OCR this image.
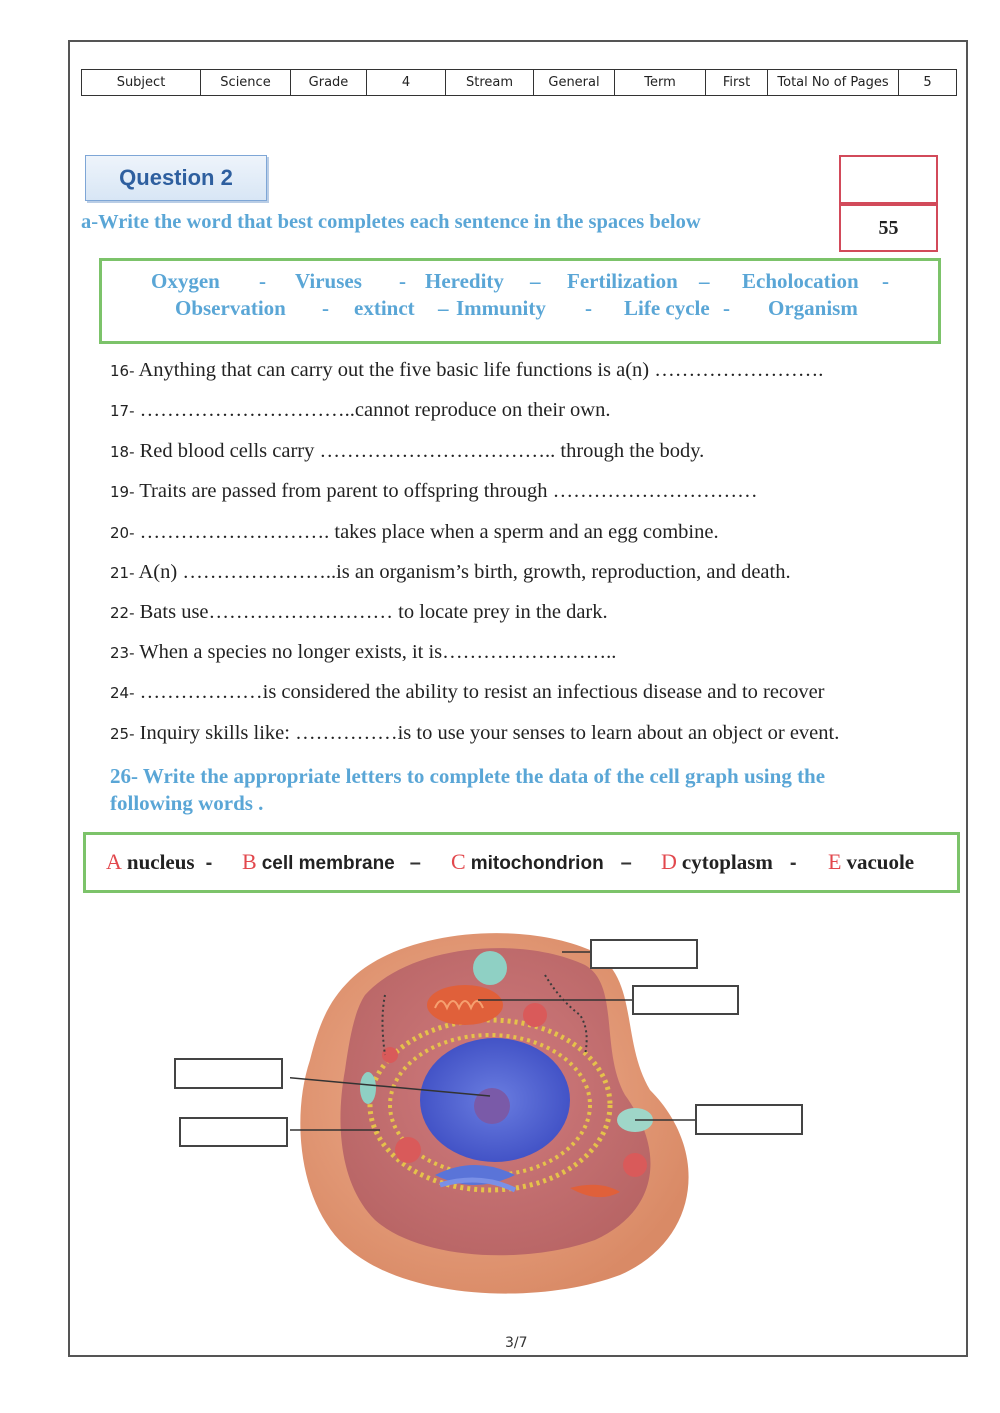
Subject	Science	Grade	4	Stream	General	Term	First	Total No of Pages	5
Question 2
55
a-Write the word that best completes each sentence in the spaces below
Oxygen - Viruses - Heredity – Fertilization – Echolocation -
Observation - extinct – Immunity - Life cycle - Organism
16- Anything that can carry out the five basic life functions is a(n) …………………….
17- …………………………..cannot reproduce on their own.
18- Red blood cells carry …………………………….. through the body.
19- Traits are passed from parent to offspring through …………………………
20- ………………………. takes place when a sperm and an egg combine.
21- A(n) …………………..is an organism’s birth, growth, reproduction, and death.
22- Bats use……………………… to locate prey in the dark.
23- When a species no longer exists, it is……………………..
24- ………………is considered the ability to resist an infectious disease and to recover
25- Inquiry skills like: ……………is to use your senses to learn about an object or event.
26- Write the appropriate letters to complete the data of the cell graph using the
following words .
A nucleus - B cell membrane – C mitochondrion – D cytoplasm - E vacuole
3/7
